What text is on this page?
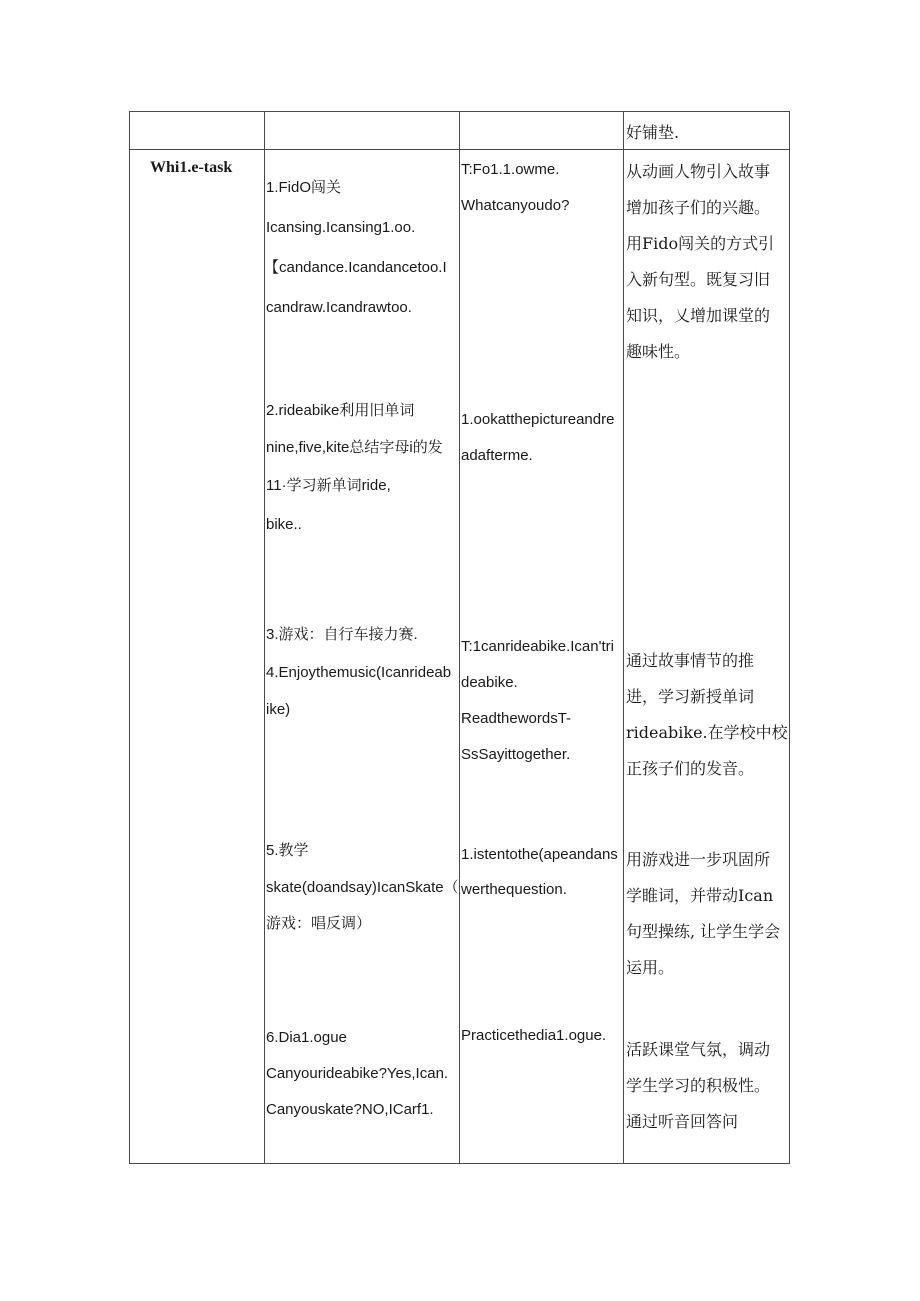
好铺垫.
Whi1.e-task
1.FidO闯关
Icansing.Icansing1.oo.
【candance.Icandancetoo.I
candraw.Icandrawtoo.
2.rideabike利用旧单词
nine,five,kite总结字母i的发
11·学习新单词ride,
bike..
3.游戏：自行车接力赛.
4.Enjoythemusic(Icanrideab
ike)
5.教学
skate(doandsay)IcanSkate（
游戏：唱反调）
6.Dia1.ogue
Canyourideabike?Yes,Ican.
Canyouskate?NO,ICarf1.
T:Fo1.1.owme.
Whatcanyoudo?
1.ookatthepictureandre
adafterme.
T:1canrideabike.Ican'tri
deabike.
ReadthewordsT-
SsSayittogether.
1.istentothe(apeandans
werthequestion.
Practicethedia1.ogue.
从动画人物引入故事
增加孩子们的兴趣。
用Fido闯关的方式引
入新句型。既复习旧
知识，乂增加课堂的
趣味性。
通过故事情节的推
进，学习新授单词
rideabike.在学校中校
正孩子们的发音。
用游戏进一步巩固所
学睢词，并带动Ican
句型操练, 让学生学会
运用。
活跃课堂气氛，调动
学生学习的积极性。
通过听音回答问
